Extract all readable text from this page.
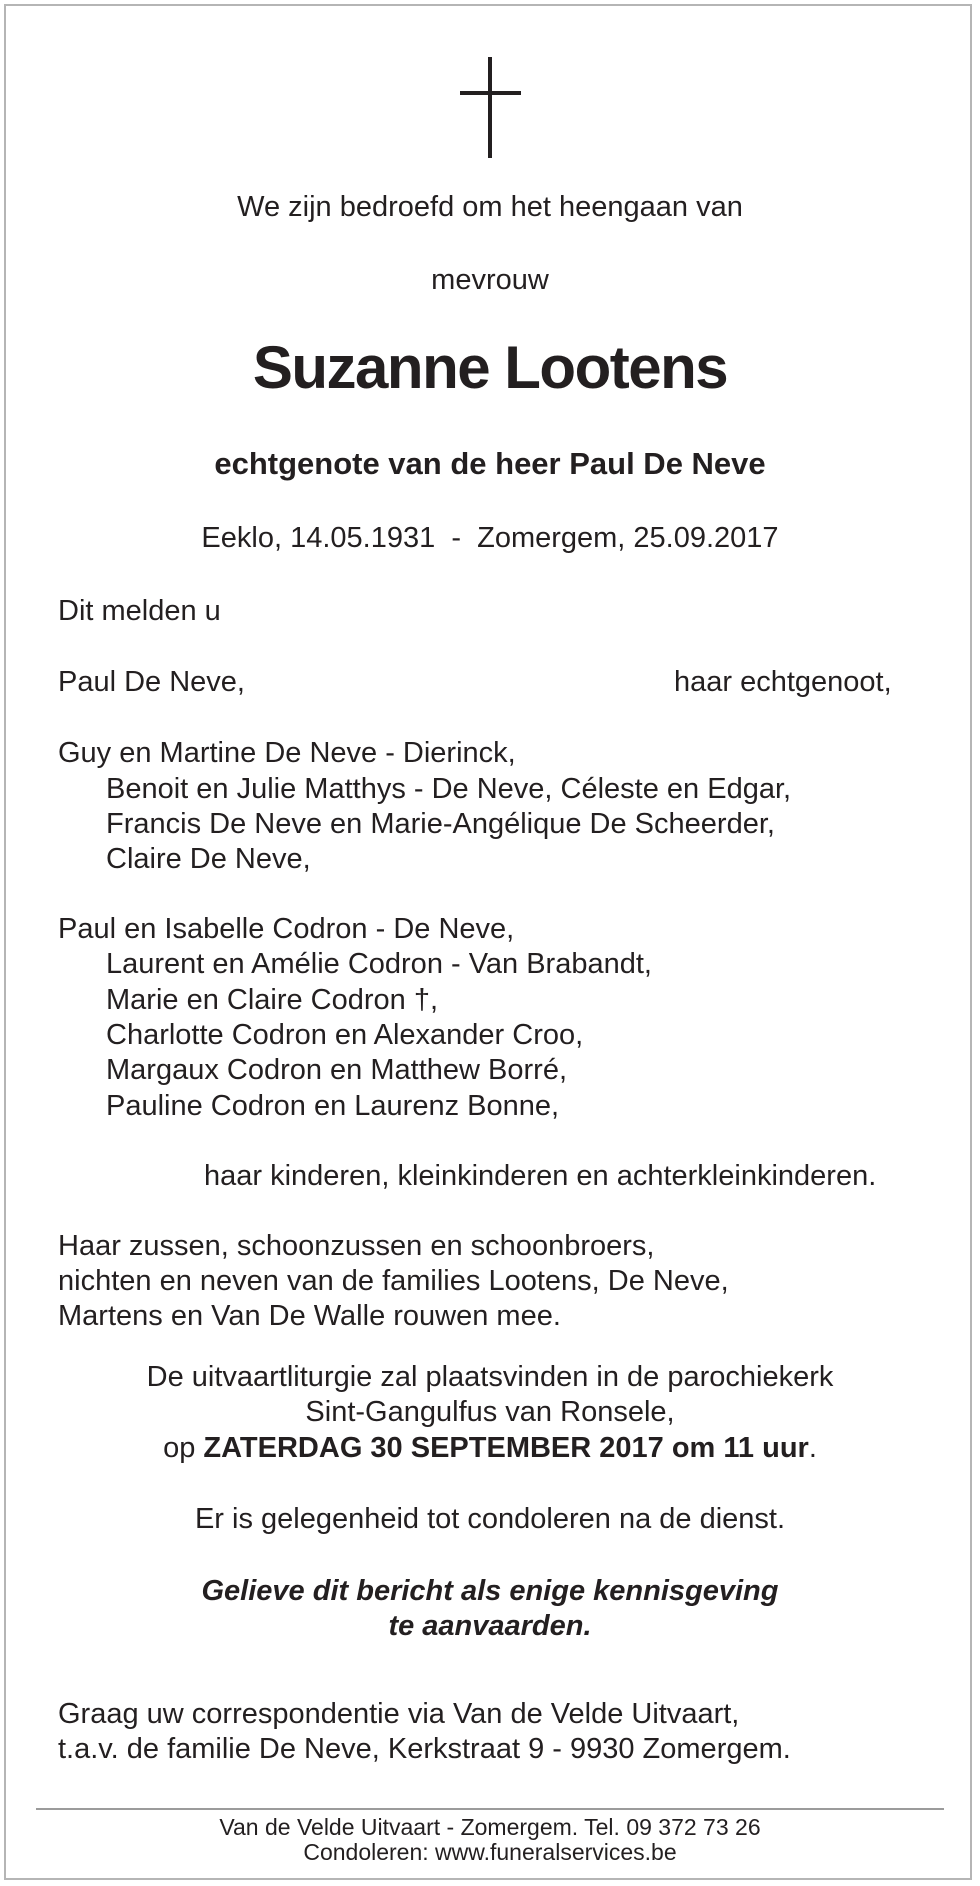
We zijn bedroefd om het heengaan van
mevrouw
Suzanne Lootens
echtgenote van de heer Paul De Neve
Eeklo, 14.05.1931  -  Zomergem, 25.09.2017
Dit melden u
Paul De Neve,	haar echtgenoot,
Guy en Martine De Neve - Dierinck,
Benoit en Julie Matthys - De Neve, Céleste en Edgar,
Francis De Neve en Marie-Angélique De Scheerder,
Claire De Neve,
Paul en Isabelle Codron - De Neve,
Laurent en Amélie Codron - Van Brabandt,
Marie en Claire Codron †,
Charlotte Codron en Alexander Croo,
Margaux Codron en Matthew Borré,
Pauline Codron en Laurenz Bonne,
haar kinderen, kleinkinderen en achterkleinkinderen.
Haar zussen, schoonzussen en schoonbroers,
nichten en neven van de families Lootens, De Neve,
Martens en Van De Walle rouwen mee.
De uitvaartliturgie zal plaatsvinden in de parochiekerk
Sint-Gangulfus van Ronsele,
op ZATERDAG 30 SEPTEMBER 2017 om 11 uur.
Er is gelegenheid tot condoleren na de dienst.
Gelieve dit bericht als enige kennisgeving
te aanvaarden.
Graag uw correspondentie via Van de Velde Uitvaart,
t.a.v. de familie De Neve, Kerkstraat 9 - 9930 Zomergem.
Van de Velde Uitvaart - Zomergem. Tel. 09 372 73 26
Condoleren: www.funeralservices.be
